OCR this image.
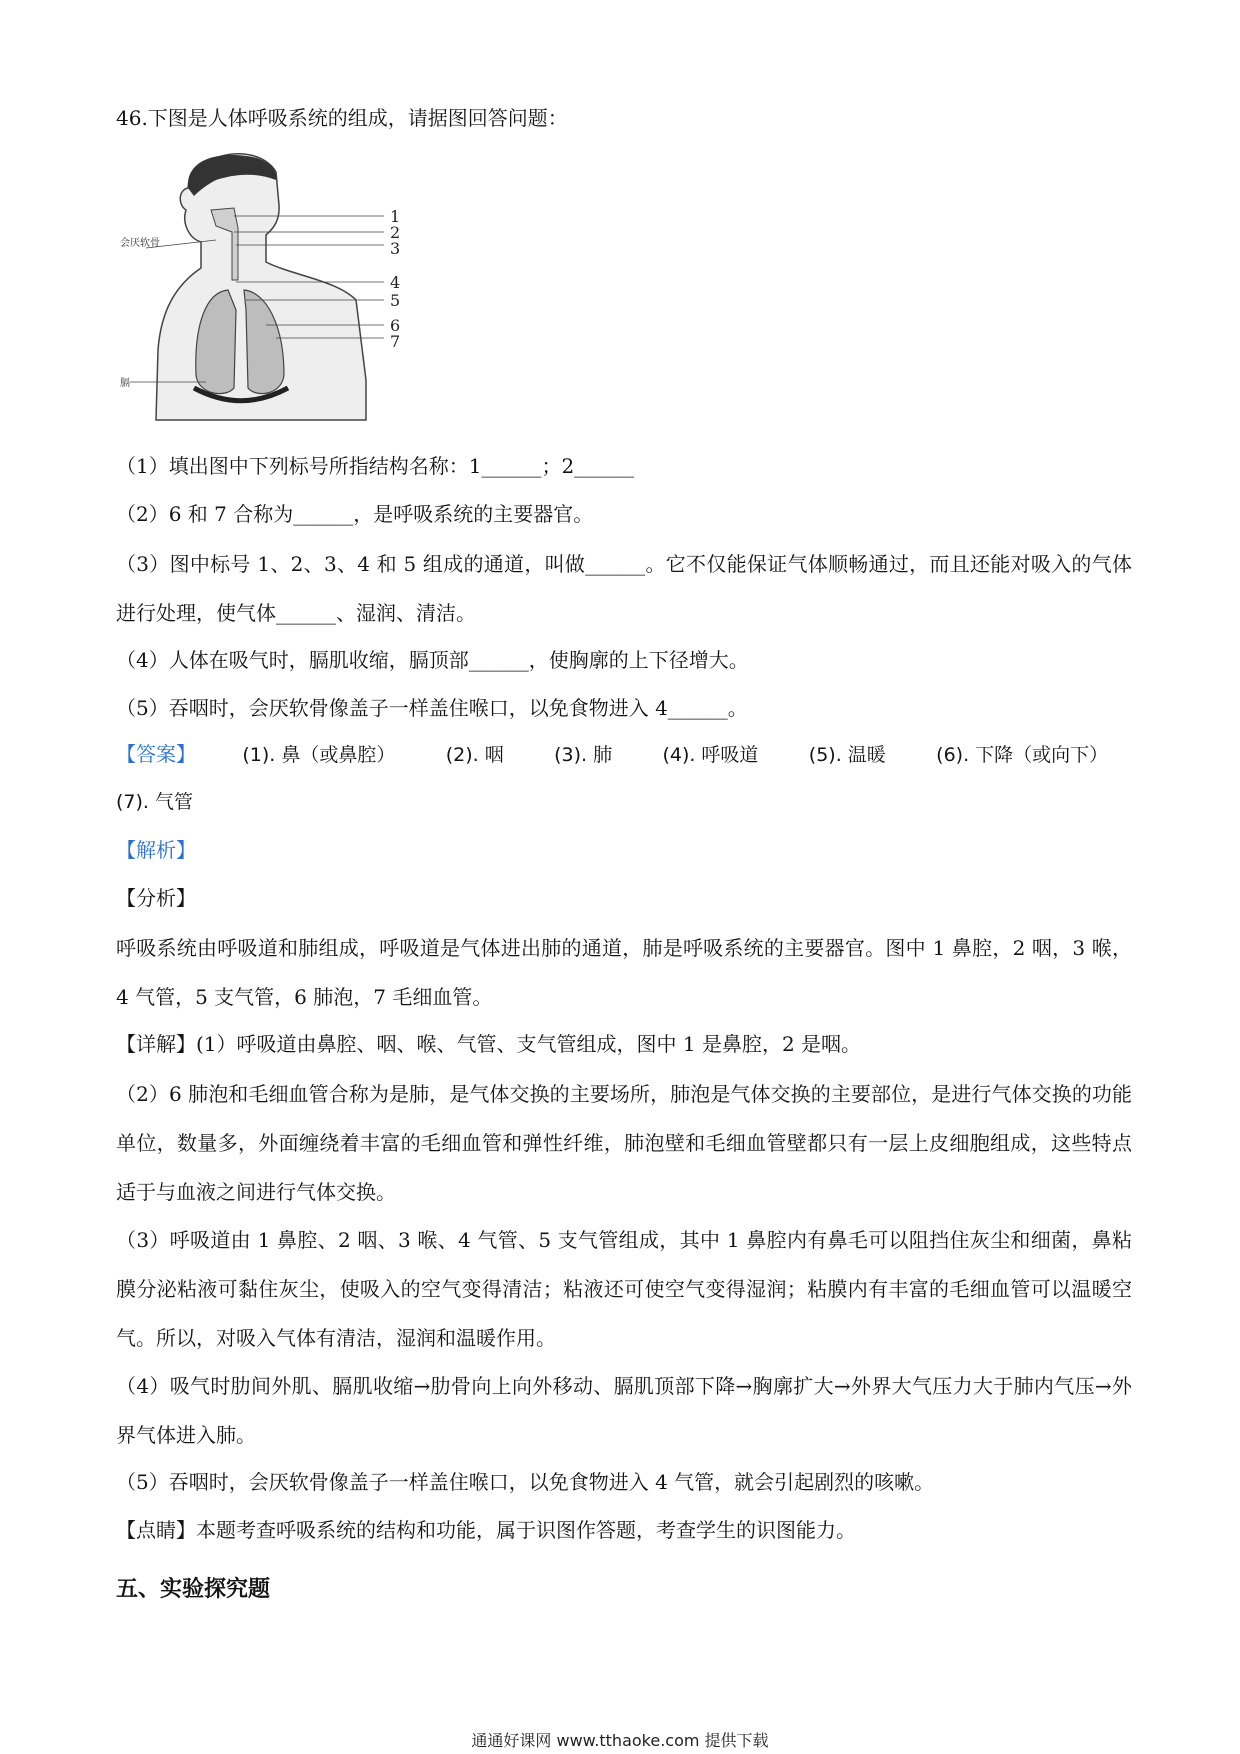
46.下图是人体呼吸系统的组成，请据图回答问题：
1
2
3
4
5
6
7
会厌软骨
膈
（1）填出图中下列标号所指结构名称：1______；2______
（2）6 和 7 合称为______，是呼吸系统的主要器官。
（3）图中标号 1、2、3、4 和 5 组成的通道，叫做______。它不仅能保证气体顺畅通过，而且还能对吸入的气体进行处理，使气体______、湿润、清洁。
（4）人体在吸气时，膈肌收缩，膈顶部______，使胸廓的上下径增大。
（5）吞咽时，会厌软骨像盖子一样盖住喉口，以免食物进入 4______。
【答案】 (1). 鼻（或鼻腔）	(2). 咽	(3). 肺	(4). 呼吸道	(5). 温暖	(6). 下降（或向下）
(7). 气管
【解析】
【分析】
呼吸系统由呼吸道和肺组成，呼吸道是气体进出肺的通道，肺是呼吸系统的主要器官。图中 1 鼻腔，2 咽，3 喉，4 气管，5 支气管，6 肺泡，7 毛细血管。
【详解】(1）呼吸道由鼻腔、咽、喉、气管、支气管组成，图中 1 是鼻腔，2 是咽。
（2）6 肺泡和毛细血管合称为是肺，是气体交换的主要场所，肺泡是气体交换的主要部位，是进行气体交换的功能单位，数量多，外面缠绕着丰富的毛细血管和弹性纤维，肺泡壁和毛细血管壁都只有一层上皮细胞组成，这些特点适于与血液之间进行气体交换。
（3）呼吸道由 1 鼻腔、2 咽、3 喉、4 气管、5 支气管组成，其中 1 鼻腔内有鼻毛可以阻挡住灰尘和细菌，鼻粘膜分泌粘液可黏住灰尘，使吸入的空气变得清洁；粘液还可使空气变得湿润；粘膜内有丰富的毛细血管可以温暖空气。所以，对吸入气体有清洁，湿润和温暖作用。
（4）吸气时肋间外肌、膈肌收缩→肋骨向上向外移动、膈肌顶部下降→胸廓扩大→外界大气压力大于肺内气压→外界气体进入肺。
（5）吞咽时，会厌软骨像盖子一样盖住喉口，以免食物进入 4 气管，就会引起剧烈的咳嗽。
【点睛】本题考查呼吸系统的结构和功能，属于识图作答题，考查学生的识图能力。
五、实验探究题
通通好课网 www.tthaoke.com 提供下载
